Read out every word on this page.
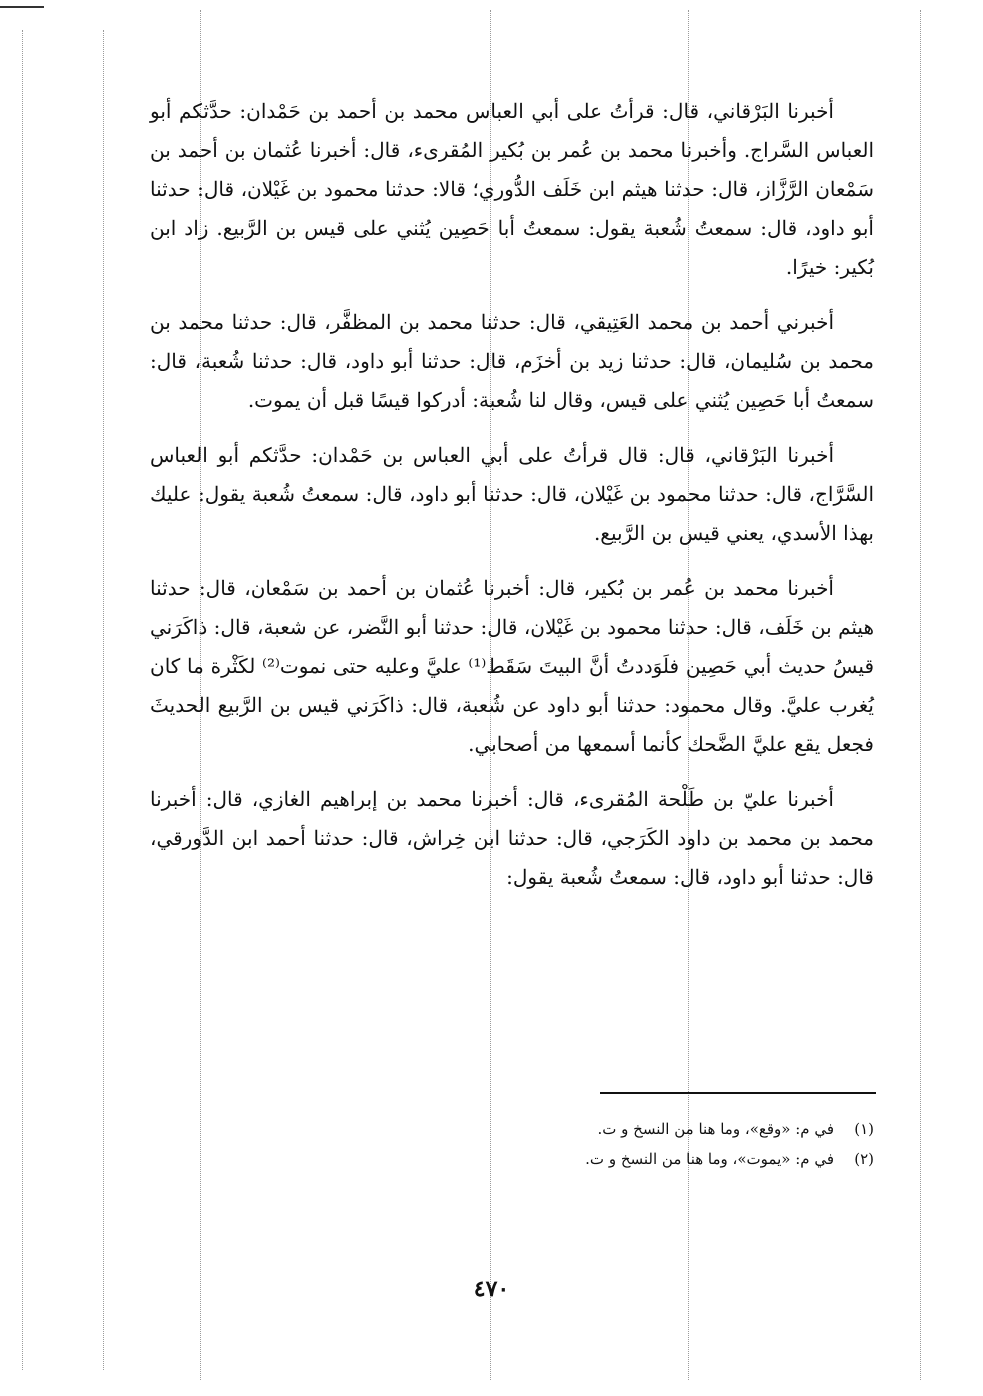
أخبرنا البَرْقاني، قال: قرأتُ على أبي العباس محمد بن أحمد بن حَمْدان: حدَّثكم أبو العباس السَّراج. وأخبرنا محمد بن عُمر بن بُكير المُقرىء، قال: أخبرنا عُثمان بن أحمد بن سَمْعان الرَّزَّاز، قال: حدثنا هيثم ابن خَلَف الدُّوري؛ قالا: حدثنا محمود بن غَيْلان، قال: حدثنا أبو داود، قال: سمعتُ شُعبة يقول: سمعتُ أبا حَصِين يُثني على قيس بن الرَّبيع. زاد ابن بُكير: خيرًا.

أخبرني أحمد بن محمد العَتِيقي، قال: حدثنا محمد بن المظفَّر، قال: حدثنا محمد بن محمد بن سُليمان، قال: حدثنا زيد بن أخزَم، قال: حدثنا أبو داود، قال: حدثنا شُعبة، قال: سمعتُ أبا حَصِين يُثني على قيس، وقال لنا شُعبة: أدركوا قيسًا قبل أن يموت.

أخبرنا البَرْقاني، قال: قال قرأتُ على أبي العباس بن حَمْدان: حدَّثكم أبو العباس السَّرَّاج، قال: حدثنا محمود بن غَيْلان، قال: حدثنا أبو داود، قال: سمعتُ شُعبة يقول: عليك بهذا الأسدي، يعني قيس بن الرَّبيع.

أخبرنا محمد بن عُمر بن بُكير، قال: أخبرنا عُثمان بن أحمد بن سَمْعان، قال: حدثنا هيثم بن خَلَف، قال: حدثنا محمود بن غَيْلان، قال: حدثنا أبو النَّضر، عن شعبة، قال: ذاكَرَني قيسُ حديث أبي حَصِين فلَوَددتُ أنَّ البيتَ سَقَط⁽¹⁾ عليَّ وعليه حتى نموت⁽²⁾ لكَثْرة ما كان يُغرب عليَّ. وقال محمود: حدثنا أبو داود عن شُعبة، قال: ذاكَرَني قيس بن الرَّبيع الحديثَ فجعل يقع عليَّ الضَّحك كأنما أسمعها من أصحابي.

أخبرنا عليّ بن طَلْحة المُقرىء، قال: أخبرنا محمد بن إبراهيم الغازي، قال: أخبرنا محمد بن محمد بن داود الكَرَجي، قال: حدثنا ابن خِراش، قال: حدثنا أحمد ابن الدَّورقي، قال: حدثنا أبو داود، قال: سمعتُ شُعبة يقول:

(١)
في م: «وقع»، وما هنا من النسخ و ت.
(٢)
في م: «يموت»، وما هنا من النسخ و ت.
٤٧٠
